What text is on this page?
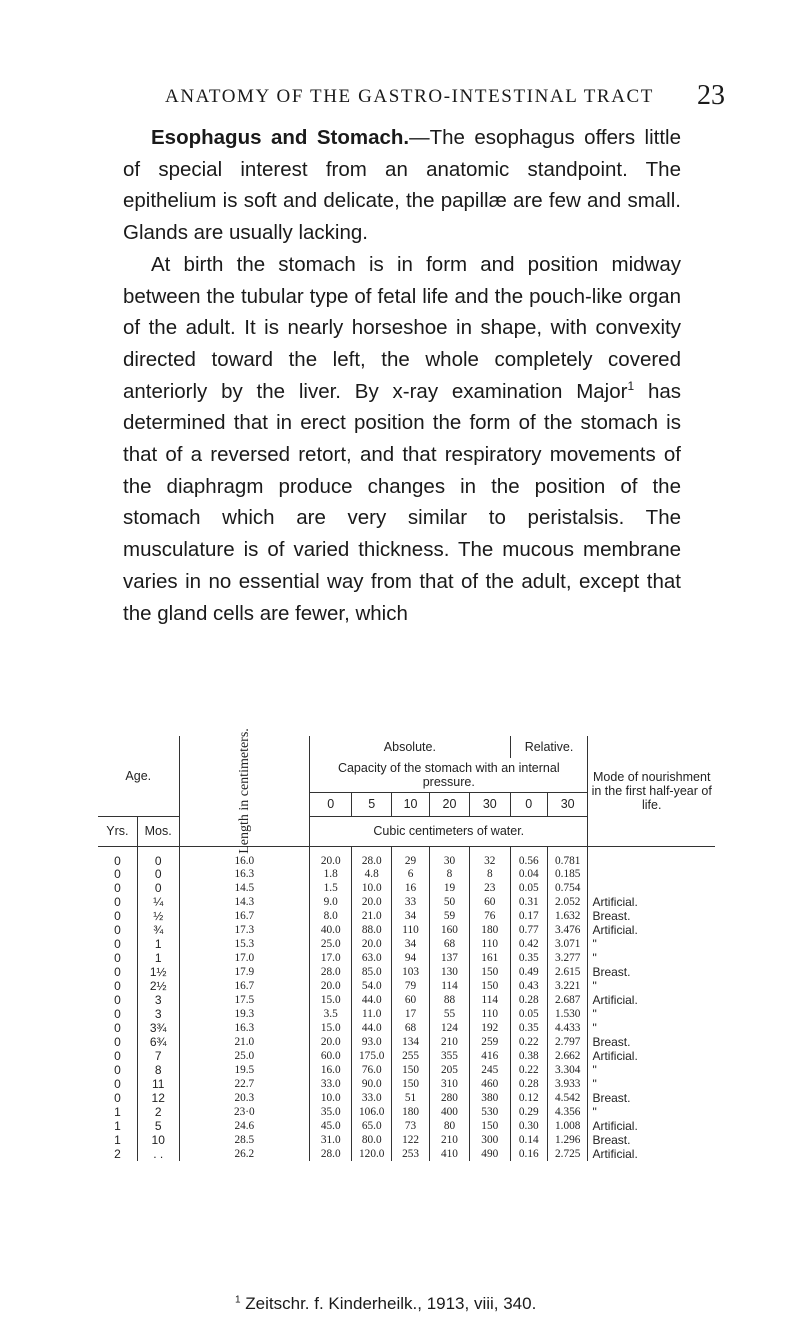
ANATOMY OF THE GASTRO-INTESTINAL TRACT 23

Esophagus and Stomach.—The esophagus offers little of special interest from an anatomic standpoint. The epithelium is soft and delicate, the papillæ are few and small. Glands are usually lacking.

At birth the stomach is in form and position midway between the tubular type of fetal life and the pouch-like organ of the adult. It is nearly horseshoe in shape, with convexity directed toward the left, the whole completely covered anteriorly by the liver. By x-ray examination Major$^1$ has determined that in erect position the form of the stomach is that of a reversed retort, and that respiratory movements of the diaphragm produce changes in the position of the stomach which are very similar to peristalsis. The musculature is of varied thickness. The mucous membrane varies in no essential way from that of the adult, except that the gland cells are fewer, which

Age.		Length in centimeters.	Absolute.					Relative.		Mode of nourishment in the first half-year of life.
			Capacity of the stomach with an internal pressure.							
			0	5	10	20	30	0	30	
Yrs.	Mos.		Cubic centimeters of water.							
0	0	16.0	20.0	28.0	29	30	32	0.56	0.781	
0	0	16.3	1.8	4.8	6	8	8	0.04	0.185	
0	0	14.5	1.5	10.0	16	19	23	0.05	0.754	
0	¼	14.3	9.0	20.0	33	50	60	0.31	2.052	Artificial.
0	½	16.7	8.0	21.0	34	59	76	0.17	1.632	Breast.
0	¾	17.3	40.0	88.0	110	160	180	0.77	3.476	Artificial.
0	1	15.3	25.0	20.0	34	68	110	0.42	3.071	"
0	1	17.0	17.0	63.0	94	137	161	0.35	3.277	"
0	1½	17.9	28.0	85.0	103	130	150	0.49	2.615	Breast.
0	2½	16.7	20.0	54.0	79	114	150	0.43	3.221	"
0	3	17.5	15.0	44.0	60	88	114	0.28	2.687	Artificial.
0	3	19.3	3.5	11.0	17	55	110	0.05	1.530	"
0	3¾	16.3	15.0	44.0	68	124	192	0.35	4.433	"
0	6¾	21.0	20.0	93.0	134	210	259	0.22	2.797	Breast.
0	7	25.0	60.0	175.0	255	355	416	0.38	2.662	Artificial.
0	8	19.5	16.0	76.0	150	205	245	0.22	3.304	"
0	11	22.7	33.0	90.0	150	310	460	0.28	3.933	"
0	12	20.3	10.0	33.0	51	280	380	0.12	4.542	Breast.
1	2	23·0	35.0	106.0	180	400	530	0.29	4.356	"
1	5	24.6	45.0	65.0	73	80	150	0.30	1.008	Artificial.
1	10	28.5	31.0	80.0	122	210	300	0.14	1.296	Breast.
2	. .	26.2	28.0	120.0	253	410	490	0.16	2.725	Artificial.
$^1$ Zeitschr. f. Kinderheilk., 1913, viii, 340.
